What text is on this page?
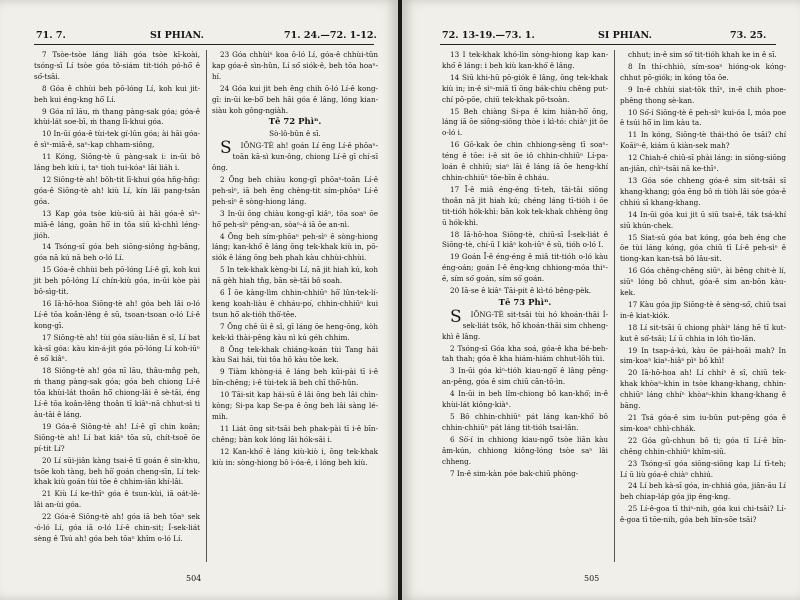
71. 7.	SI PHIAN.	71. 24.—72. 1-12.

7 Tsòe-tsòe láng liáh góa tsòe kî-koài, tsóng-sī Lí tsòe góa tô-siám tit-tióh pó-hō͘ ê só͘-tsāi.

8 Góa ê chhùi beh pō-lóng Lí, koh kui jit-beh kui éng-kng hō͘ Lí.

9 Góa nî lāu, ṁ thang pàng-sak góa; góa-ê khùi-lát soe-bī, ṁ thang lī-khui góa.

10 In-ūi góa-ê tùi-tek gí-lūn góa; ài hāi góa-ê sìⁿ-miā-ê, saⁿ-kap chham-siông,

11 Kóng, Siōng-tè ū pàng-sak i: in-ūi bô láng beh kiù i, taⁿ tioh tui-kóaⁿ lâi liáh i.

12 Siōng-tè ah! bôh-tit lī-khui góa hn̄g-hn̄g: góa-ê Siōng-tè ah! kiù Lí, kín lâi pang-tsān góa.

13 Kap góa tsòe kiù-siū ài hāi góa-ê sìⁿ-miā-ê láng, goān hō͘ in tōa siū kì-chhì léng-jióh.

14 Tsóng-sī góa beh siōng-siông ǹg-bāng, góa nā kú nā beh o-ló Lí.

15 Góa-ê chhùi beh pō-lóng Lí-ê gī, koh kui jit beh pō-lóng Lí chín-kiù góa, in-ūi kòe pài bô-sìg-tit.

16 Iā-hō-hoa Siōng-tè ah! góa beh lâi o-ló Lí-ê tōa koân-lêng ê sū, tsoan-tsoan o-ló Lí-ê kong-gī.

17 Siōng-tè ah! tùi góa siàu-liân ê sî, Lí bat kà-sī góa: kàu kin-á-jit góa pō-lóng Lí koh-iūⁿ ê só͘ kiâⁿ.

18 Siōng-tè ah! góa nī lāu, thâu-mn̂g peh, ṁ thang pàng-sak góa; góa beh chiong Lí-ê tōa khùi-lát thoân hō͘ chiong-lâi ê sè-tāi, éng Lí-ê tōa koân-lêng thoân tī kiâⁿ-nā chhut-sì ti āu-tāi ê láng.

19 Góa-ê Siōng-tè ah! Lí-ê gī chin koân; Siōng-tè ah! Lí bat kiâⁿ tōa sū, chít-tsoē ōe pí-tit Lí?

20 Lí sūi-jiân kàng tsai-ē tī goán ê sin-khu, tsōe koh tàng, beh hō͘ goán cheng-sīn, Lí tek-khak kiù goán tùi tōe ê chhim-iān khí-lâi.

21 Kiù Lí ke-thīⁿ góa ê tsun-kùi, iā oát-lè-lâi an-ùi góa.

22 Góa-ê Siōng-tè ah! góa iā beh tōaⁿ sek ‑ó-ló Lí, góa iā o-ló Lí-ê chin-sit; Í-sek-liát sèng ê Tsú ah! góa beh tōaⁿ khîm o-ló Lí.

23 Góa chhùiⁿ koa ō-ló Lí, góa-ê chhùi-tûn kap góa-ê sìn-hûn, Lí só͘ siók-ê, beh tōa hoaⁿ-hí.

24 Góa kui jit beh êng chih ō-ló Lí-ê kong-gī: in-ūi ke-bô͘ beh hāi góa ê lâng, lóng kian-siàu koh gông-ngiàh.

Tē 72 Phìⁿ.

Sò-lô-bûn ê sī.

SIŌNG-TÈ ah! goán Lí ēng Lí-ê phōaⁿ-toān kā-sì kun-ông, chiong Lí-ê gī chí-sī ông.

2 Ōng beh chiàu kong-gī phōaⁿ-toān Lí-ê peh-sìⁿ, iā beh ēng chèng-tit sím-phōaⁿ Lí-ê peh-sìⁿ ê sòng-hiong láng.

3 In-ūi ōng chiàu kong-gī kiâⁿ, tōa soaⁿ ōe hō͘ peh-sìⁿ pêng-an, sòaⁿ-á iā ōe an-nì.

4 Ōng beh sím-phōaⁿ peh-sìⁿ ê sòng-hiong láng; kan-khó͘ ê láng ōng tek-khak kiù in, pō-siók ê láng ōng beh phah kàu chhùi-chhùi.

5 In tek-khak kèng-bi Lí, nā jit hiah kú, koh nā gèh hiah tn̂g, bān sè-tāi bô soah.

6 Ī ōe kàng-lìm chhin-chhiūⁿ hō͘ lûn-tek-lí-keng koah-liàu ê chháu-po͘, chhin-chhiūⁿ kui tsun hō͘ ak-tióh thô͘-tēe.

7 Ōng chē ūi ê sî, gī láng ōe heng-ōng, kòh kek-kì thài-pêng kàu nì kú géh chhim.

8 Ōng tek-khak chiáng-koán tùi Tang hái kàu Sai hái, tùi tōa hô kàu tōe kek.

9 Tiàm khòng-iá ê láng beh kūi-pài tī i-ê bīn-chêng; i-ê tùi-tek iā beh chī thô͘-hûn.

10 Tāi-sit kap hái-sū ê lâi ōng beh lâi chìn-kòng; Si-pa kap Se-pa ê ōng beh lâi sàng lé-mih.

11 Liát ōng sit-tsāi beh phak-pài tī i-ê bīn-chêng; bàn kok lóng lâi hók-sāi i.

12 Kan-khó͘ ê láng kiù-kiò i, ōng tek-khak kiù in: sòng-hiong bô i-óa-ê, i lóng beh kiù.

504
72. 13-19.—73. 1.	SI PHIAN.	73. 25.

13 I tek-khak khó-lìn sòng-hiong kap kan-khó͘ ê láng: i beh kiù kan-khó͘ ê lâng.

14 Siū khi-hū pō-giók ê lâng, ōng tek-khak kiù in; in-ê sìⁿ-miā tī ōng bák-chiu chêng put-chí pō-pōe, chiū tek-khak pō-tsoàn.

15 Beh chiàng Si-pa ê kim hiàn-hō͘ ōng, láng iā ōe siōng-siông thòe i kì-tó: chiàⁿ jit ōe o-ló i.

16 Gō-kak ōe chin chhiong-sèng tī soaⁿ-téng ê tōe: i-ê sit ōe iô chhin-chhiūⁿ Lí-pa-loán ê chhiū; siaⁿ lāi ê láng iā ōe heng-khí chhin-chhiūⁿ tōe-bīn ê chháu.

17 Ī-ê miâ éng-éng tī-teh, tāi-tāi siōng thoân nā jit hiah kú; chéng láng tī-tióh i ōe tit-tióh hók-khì: bān kok tek-khak chhèng ōng ū hók-khì.

18 Iā-hō-hoa Siōng-tè, chiū-sī Í-sek-liát ê Siōng-tè, chí-ū I kiâⁿ koh-iūⁿ ê sū, tióh o-ló I.

19 Goán Ī-ê éng-éng ê miâ tit-tióh o-ló kàu éng-oán; goán I-ê êng-kng chhiong-móa thiⁿ-ē, sím só͘ goán, sím só͘ goán.

20 Iā-se ê kiâⁿ Tāi-pit ê kì-tó bêng-pèk.

Tē 73 Phìⁿ.

SIŌNG-TÈ sit-tsāi tùi hó khoán-thāi Í-sek-liát tsōk, hō͘ khoán-thāi sim chheng-khì ê lâng.

2 Tsóng-sī Góa kha soá, góa-ê kha bé-beh-tah thah; góa ê kha hiám-hiám chhut-lōh tùi.

3 In-ūi góa kìⁿ-tióh kiau-ngō͘ ê lâng pêng-an-pêng, góa ê sim chiū cān-tō-ìn.

4 In-ūi in beh lîm-chiong bô kan-khó͘; in-ê khùi-lát kiông-kiàⁿ.

5 Bô chhin-chhiūⁿ pát láng kan-khó͘ bô chhin-chhiūⁿ pát láng tit-tióh tsai-lān.

6 Sò͘-í in chhiong kiau-ngō͘ tsòe liān kàu âm-kún, chhiong kiông-lóng tsòe saⁿ lâi chheng.

7 In-ê sim-kàn póe bak-chiū phòng-

chhut; in-ê sim só͘ tit-tióh khah ke in ê sī.

8 In thí-chhiò, sím-soaⁿ hióng-ok kóng-chhut pō-giók; in kóng tōa ōe.

9 In-ê chhùi siat-tōk thīⁿ, in-ê chih phoe-phêng thong sè-kan.

10 Só͘-í Siōng-tè ê peh-sìⁿ kui-óa I, móa poe ê tsúi hō͘ in lim kàu ta.

11 In kóng, Siōng-tè thái-thó ōe tsāi? chí Koāiⁿ-ê, kiám ū kiàn-sek mah?

12 Chiah-ê chiū-sī phài láng: in siōng-siōng an-jiān, chìⁿ-tsāi nā ke-thīⁿ.

13 Góa sóe chheng góa-ê sim sit-tsāi sī khang-khang; góa ēng bô ṁ tiòh lâi sóe góa-ê chhiú sī khang-khang.

14 In-ūi góa kui jit ū siū tsai-ē, ták tsá-khí siū khún-chek.

15 Siat-sū góa bat kóng, góa beh éng che ōe tùi láng kóng, góa chiū tī Lí-ê peh-sìⁿ ê tiong-kan kan-tsā bô lâu-sit.

16 Góa chêng-chêng siūⁿ, ài bêng chit-è lí, siūⁿ lóng bô chhut, góa-ê sim an-bōn kàu-kek.

17 Kàu góa jip Siōng-tè ê sèng-só͘, chiū tsai in-ê kiat-kiók.

18 Lí sit-tsāi ū chiong phàiⁿ láng hē tī kut-kut ê só͘-tsāi; Lí ū chhia in lóh tìo-lān.

19 In tsap-á-kú, kàu ōe pái-hoāi mah? In sim-koaⁿ kiaⁿ-hiâⁿ pìⁿ bô khì!

20 Iā-hō-hoa ah! Lí chhíⁿ ê sî, chiū tek-khak khòaⁿ-khin in tsòe khang-khang, chhin-chhiūⁿ láng chhíⁿ khòaⁿ-khin khang-khang ê bāng.

21 Tsá góa-ê sim iu-bûn put-pêng góa ê sim-koaⁿ chhì-chhák.

22 Góa gû-chhun bô tì; góa tī Lí-ê bīn-chêng chhin-chhiūⁿ khîm-siū.

23 Tsóng-sī góa siōng-siōng kap Lí tī-teh; Lí ū liù góa-ê chiàⁿ chhiú.

24 Lí beh kà-sī góa, in-chhiá góa, jiân-āu Lí beh chiap-láp góa jip êng-kng.

25 Lí-ê-goa tī thiⁿ-nih, góa kui chi-tsāi? Lí-ê-goa tī tōe-nih, góa beh bīn-sōe tsāi?

505
